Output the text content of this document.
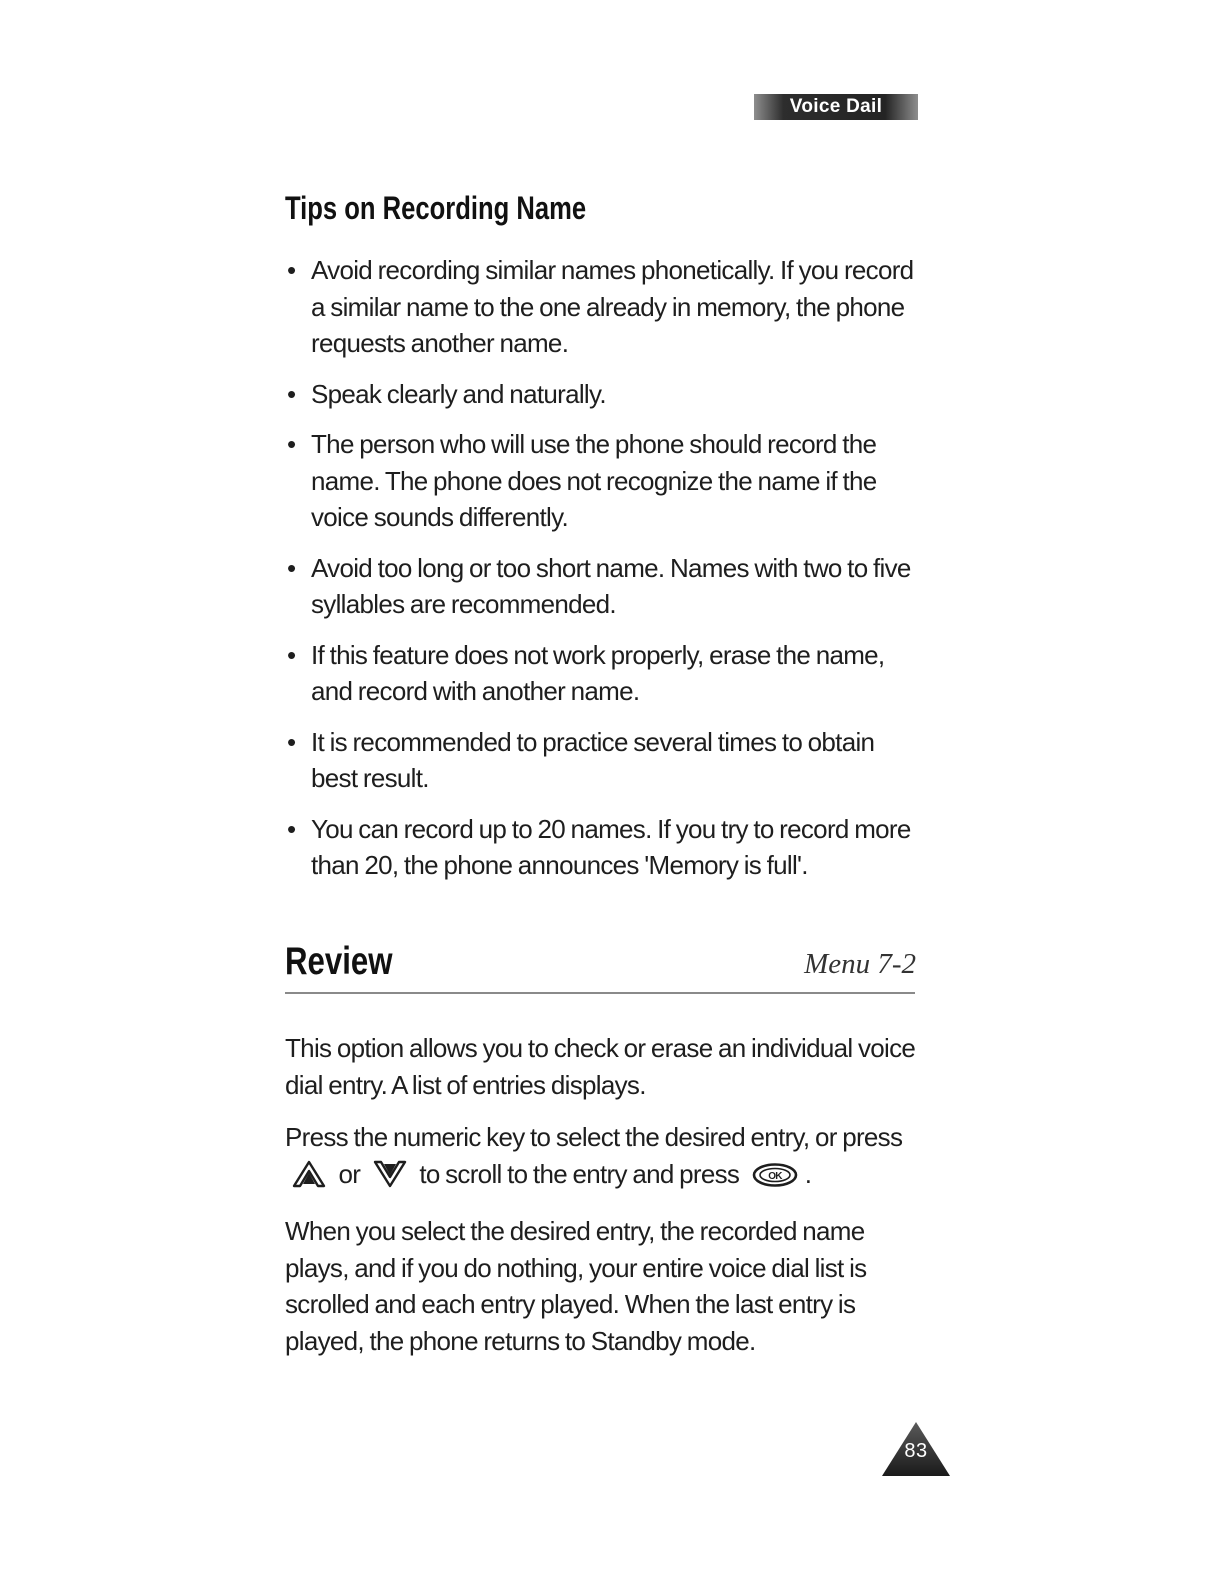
Voice Dail
Tips on Recording Name
• Avoid recording similar names phonetically. If you record a similar name to the one already in memory, the phone requests another name.
• Speak clearly and naturally.
• The person who will use the phone should record the name. The phone does not recognize the name if the voice sounds differently.
• Avoid too long or too short name. Names with two to five syllables are recommended.
• If this feature does not work properly, erase the name, and record with another name.
• It is recommended to practice several times to obtain best result.
• You can record up to 20 names. If you try to record more than 20, the phone announces 'Memory is full'.
Review	Menu 7-2

This option allows you to check or erase an individual voice dial entry. A list of entries displays.

Press the numeric key to select the desired entry, or press  or to scroll to the entry and press	OK .

When you select the desired entry, the recorded name plays, and if you do nothing, your entire voice dial list is scrolled and each entry played. When the last entry is played, the phone returns to Standby mode.

83
